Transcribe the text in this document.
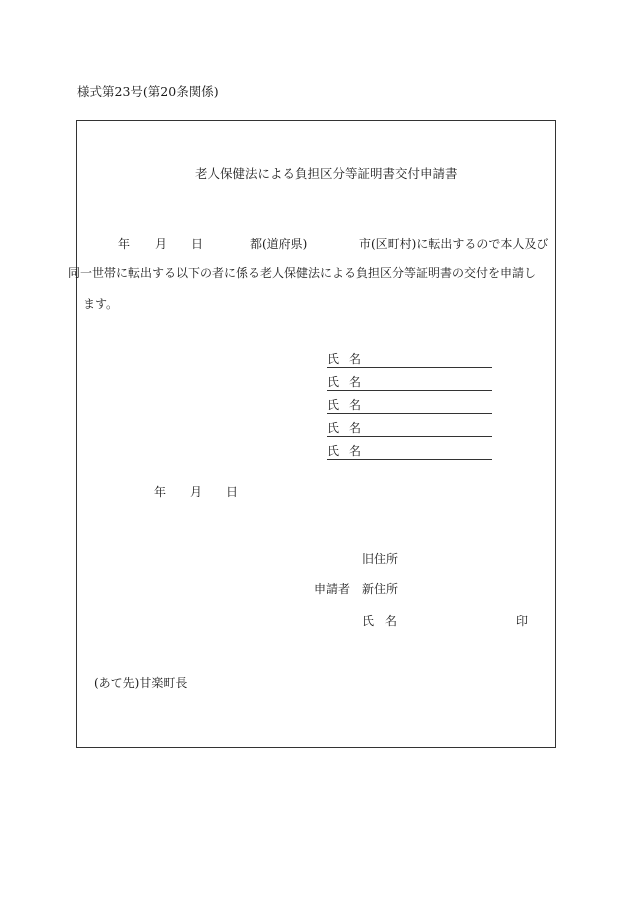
様式第23号(第20条関係)
老人保健法による負担区分等証明書交付申請書
年 月 日	都(道府県)	市(区町村)に転出するので本人及び
同一世帯に転出する以下の者に係る老人保健法による負担区分等証明書の交付を申請し
ます。
氏 名
氏 名
氏 名
氏 名
氏 名
年 月 日
旧住所
申請者 新住所
氏 名	印
(あて先)甘楽町長
